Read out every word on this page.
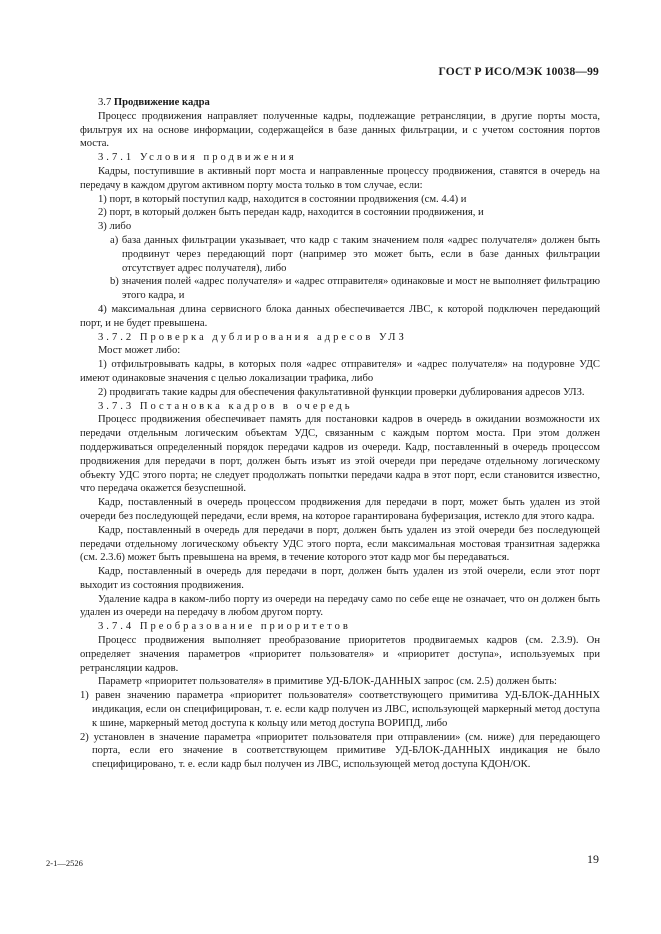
ГОСТ Р ИСО/МЭК 10038—99

3.7 Продвижение кадра

Процесс продвижения направляет полученные кадры, подлежащие ретрансляции, в другие порты моста, фильтруя их на основе информации, содержащейся в базе данных фильтрации, и с учетом состояния портов моста.

3.7.1 Условия продвижения

Кадры, поступившие в активный порт моста и направленные процессу продвижения, ставятся в очередь на передачу в каждом другом активном порту моста только в том случае, если:

1) порт, в который поступил кадр, находится в состоянии продвижения (см. 4.4) и

2) порт, в который должен быть передан кадр, находится в состоянии продвижения, и

3) либо

a) база данных фильтрации указывает, что кадр с таким значением поля «адрес получателя» должен быть продвинут через передающий порт (например это может быть, если в базе данных фильтрации отсутствует адрес получателя), либо

b) значения полей «адрес получателя» и «адрес отправителя» одинаковые и мост не выполняет фильтрацию этого кадра, и

4) максимальная длина сервисного блока данных обеспечивается ЛВС, к которой подключен передающий порт, и не будет превышена.

3.7.2 Проверка дублирования адресов УЛЗ

Мост может либо:

1) отфильтровывать кадры, в которых поля «адрес отправителя» и «адрес получателя» на подуровне УДС имеют одинаковые значения с целью локализации трафика, либо

2) продвигать такие кадры для обеспечения факультативной функции проверки дублирования адресов УЛЗ.

3.7.3 Постановка кадров в очередь

Процесс продвижения обеспечивает память для постановки кадров в очередь в ожидании возможности их передачи отдельным логическим объектам УДС, связанным с каждым портом моста. При этом должен поддерживаться определенный порядок передачи кадров из очереди. Кадр, поставленный в очередь процессом продвижения для передачи в порт, должен быть изъят из этой очереди при передаче отдельному логическому объекту УДС этого порта; не следует продолжать попытки передачи кадра в этот порт, если становится известно, что передача окажется безуспешной.

Кадр, поставленный в очередь процессом продвижения для передачи в порт, может быть удален из этой очереди без последующей передачи, если время, на которое гарантирована буферизация, истекло для этого кадра.

Кадр, поставленный в очередь для передачи в порт, должен быть удален из этой очереди без последующей передачи отдельному логическому объекту УДС этого порта, если максимальная мостовая транзитная задержка (см. 2.3.6) может быть превышена на время, в течение которого этот кадр мог бы передаваться.

Кадр, поставленный в очередь для передачи в порт, должен быть удален из этой очерели, если этот порт выходит из состояния продвижения.

Удаление кадра в каком-либо порту из очереди на передачу само по себе еще не означает, что он должен быть удален из очереди на передачу в любом другом порту.

3.7.4 Преобразование приоритетов

Процесс продвижения выполняет преобразование приоритетов продвигаемых кадров (см. 2.3.9). Он определяет значения параметров «приоритет пользователя» и «приоритет доступа», используемых при ретрансляции кадров.

Параметр «приоритет пользователя» в примитиве УД-БЛОК-ДАННЫХ запрос (см. 2.5) должен быть:

1) равен значению параметра «приоритет пользователя» соответствующего примитива УД-БЛОК-ДАННЫХ индикация, если он специфицирован, т. е. если кадр получен из ЛВС, использующей маркерный метод доступа к шине, маркерный метод доступа к кольцу или метод доступа ВОРИПД, либо

2) установлен в значение параметра «приоритет пользователя при отправлении» (см. ниже) для передающего порта, если его значение в соответствующем примитиве УД-БЛОК-ДАННЫХ индикация не было специфицировано, т. е. если кадр был получен из ЛВС, использующей метод доступа КДОН/ОК.

2-1—2526	19
